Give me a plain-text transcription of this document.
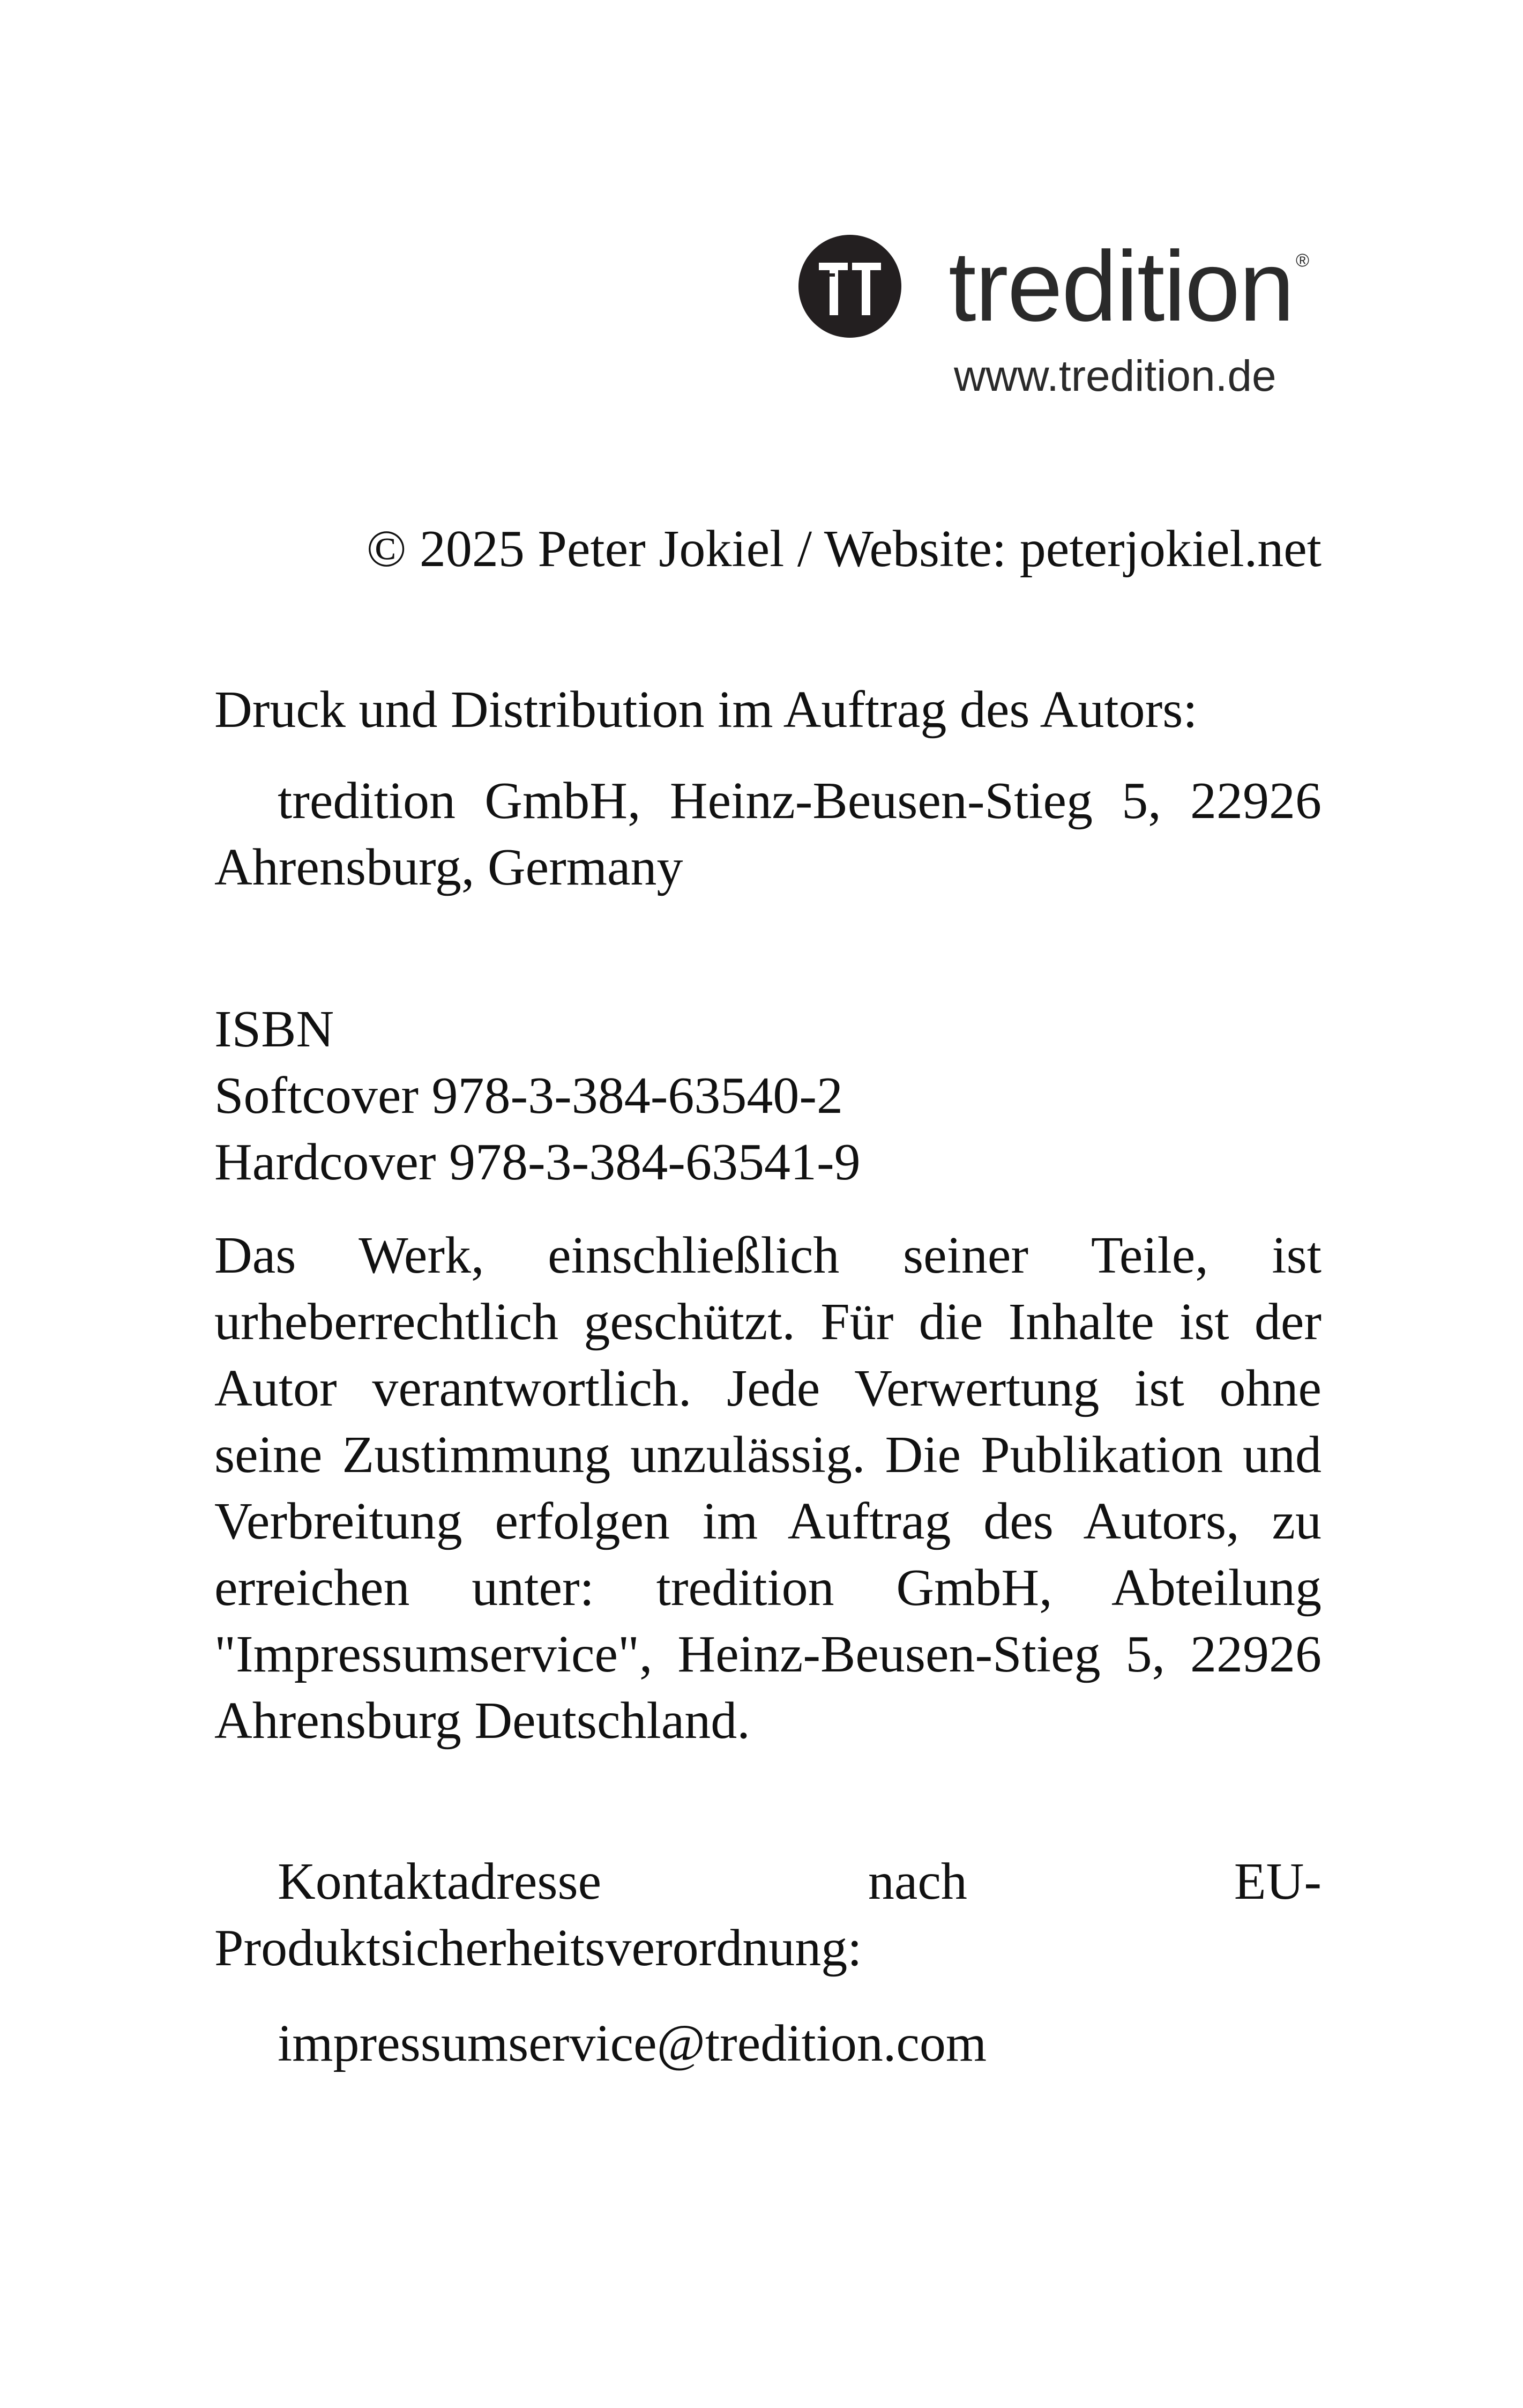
tredition ®
www.tredition.de
© 2025 Peter Jokiel / Website: peterjokiel.net
Druck und Distribution im Auftrag des Autors:
tredition GmbH, Heinz-Beusen-Stieg 5, 22926 Ahrensburg, Germany
ISBN
Softcover 978-3-384-63540-2
Hardcover 978-3-384-63541-9
Das Werk, einschließlich seiner Teile, ist urheberrechtlich geschützt. Für die Inhalte ist der Autor verantwortlich. Jede Verwertung ist ohne seine Zustimmung unzulässig. Die Publikation und Verbreitung erfolgen im Auftrag des Autors, zu erreichen unter: tredition GmbH, Abteilung "Impressumservice", Heinz-Beusen-Stieg 5, 22926 Ahrensburg Deutschland.
Kontaktadresse nach EU-Produktsicherheitsverordnung:
impressumservice@tredition.com
